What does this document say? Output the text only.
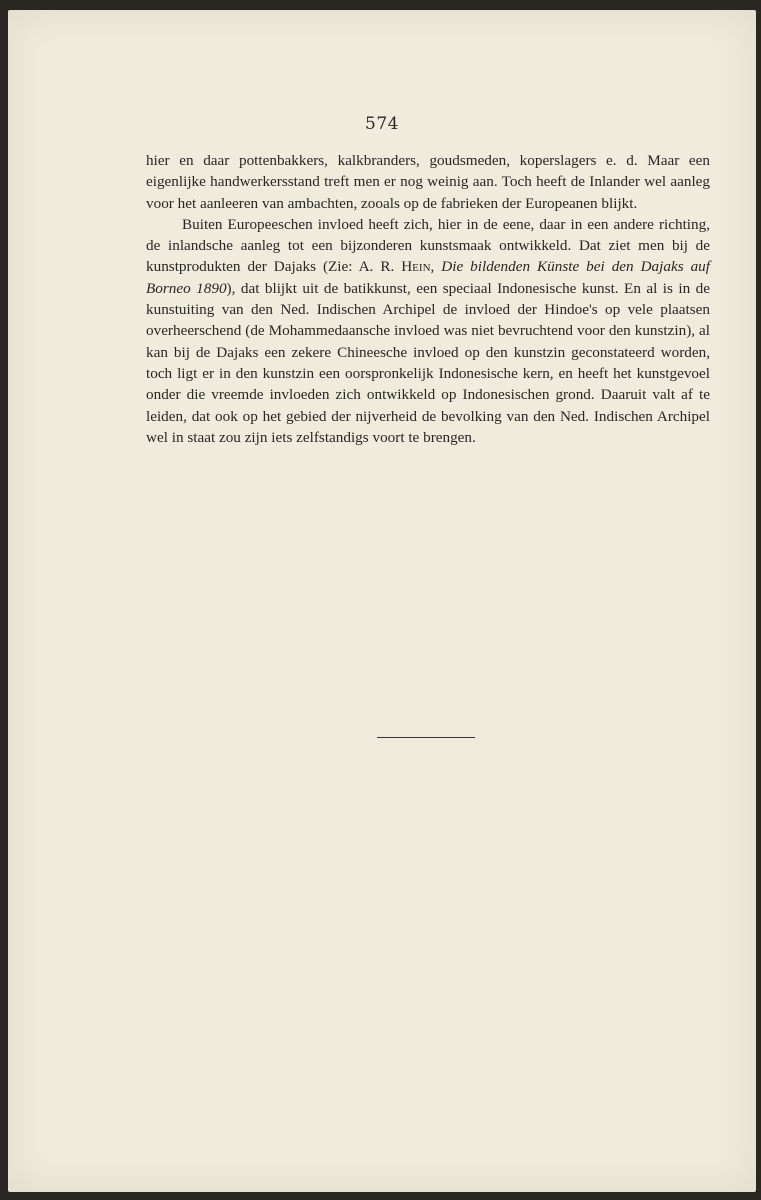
574

hier en daar pottenbakkers, kalkbranders, goudsmeden, koperslagers e. d. Maar een eigenlijke handwerkersstand treft men er nog weinig aan. Toch heeft de Inlander wel aanleg voor het aanleeren van ambachten, zooals op de fabrieken der Europeanen blijkt.

Buiten Europeeschen invloed heeft zich, hier in de eene, daar in een andere richting, de inlandsche aanleg tot een bijzonderen kunstsmaak ontwikkeld. Dat ziet men bij de kunstprodukten der Dajaks (Zie: A. R. Hein, Die bildenden Künste bei den Dajaks auf Borneo 1890), dat blijkt uit de batikkunst, een speciaal Indonesische kunst. En al is in de kunstuiting van den Ned. Indischen Archipel de invloed der Hindoe's op vele plaatsen overheerschend (de Mohammedaansche invloed was niet bevruchtend voor den kunstzin), al kan bij de Dajaks een zekere Chineesche invloed op den kunstzin geconstateerd worden, toch ligt er in den kunstzin een oorspronkelijk Indonesische kern, en heeft het kunstgevoel onder die vreemde invloeden zich ontwikkeld op Indonesischen grond. Daaruit valt af te leiden, dat ook op het gebied der nijverheid de bevolking van den Ned. Indischen Archipel wel in staat zou zijn iets zelfstandigs voort te brengen.
